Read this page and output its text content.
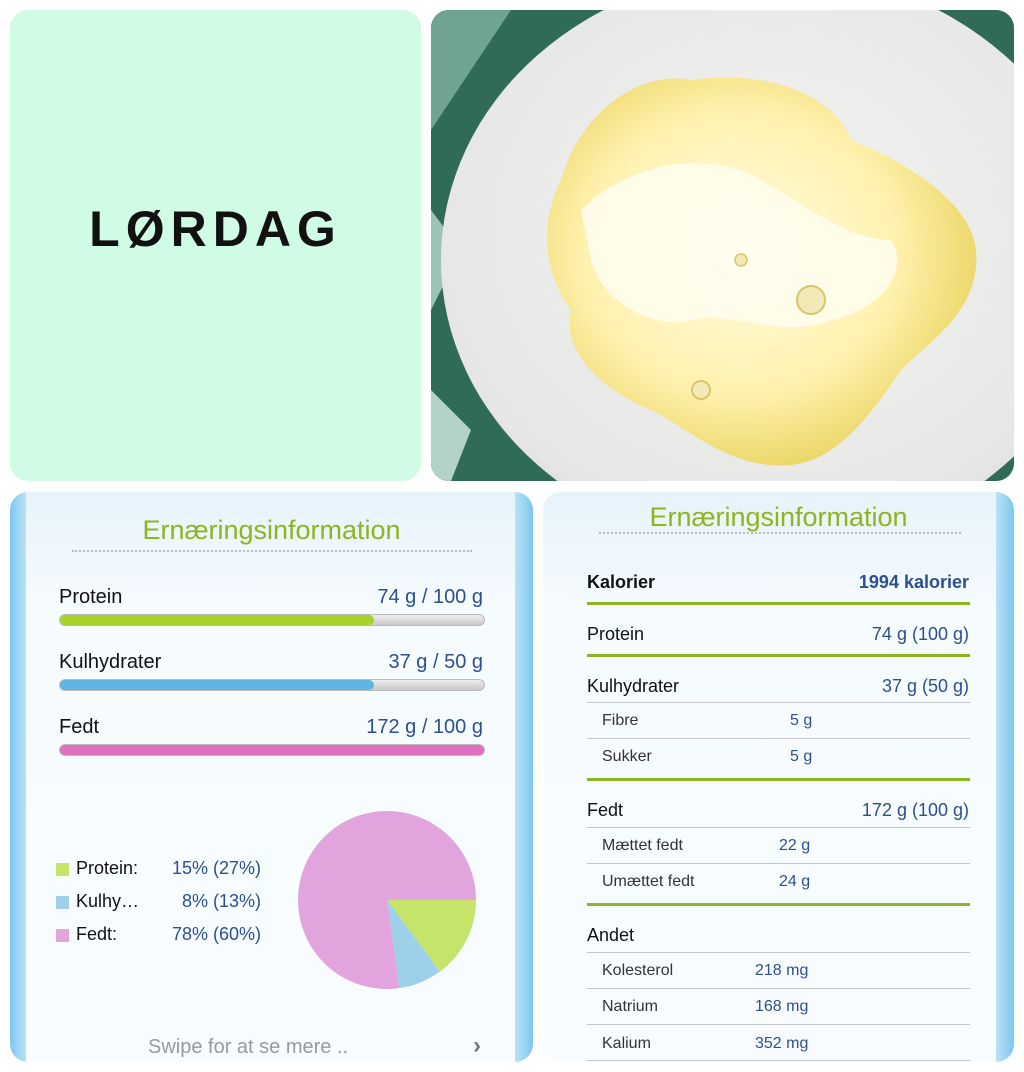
LØRDAG
Ernæringsinformation
Protein	74 g / 100 g
Kulhydrater	37 g / 50 g
Fedt	172 g / 100 g
Protein: 15% (27%)
Kulhy… 8% (13%)
Fedt:	78% (60%)
Swipe for at se mere ..	›
Ernæringsinformation
Kalorier	1994 kalorier
Protein	74 g (100 g)
Kulhydrater	37 g (50 g)
Fibre	5 g
Sukker	5 g
Fedt	172 g (100 g)
Mættet fedt	22 g
Umættet fedt	24 g
Andet
Kolesterol	218 mg
Natrium	168 mg
Kalium	352 mg
